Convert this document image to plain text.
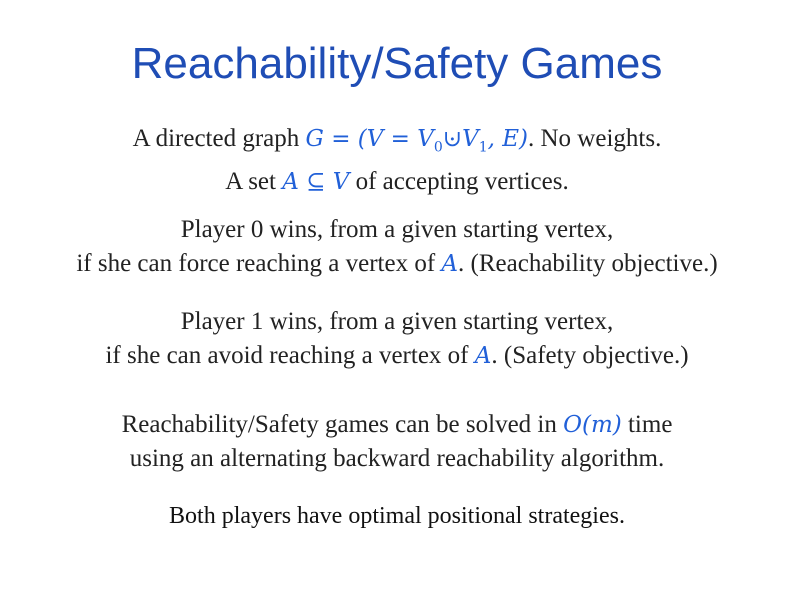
Reachability/Safety Games
A directed graph $G = (V = V_0⊍V_1$, E). No weights.
A set A ⊆ V of accepting vertices.
Player 0 wins, from a given starting vertex,
if she can force reaching a vertex of A. (Reachability objective.)
Player 1 wins, from a given starting vertex,
if she can avoid reaching a vertex of A. (Safety objective.)
Reachability/Safety games can be solved in O(m) time
using an alternating backward reachability algorithm.
Both players have optimal positional strategies.
